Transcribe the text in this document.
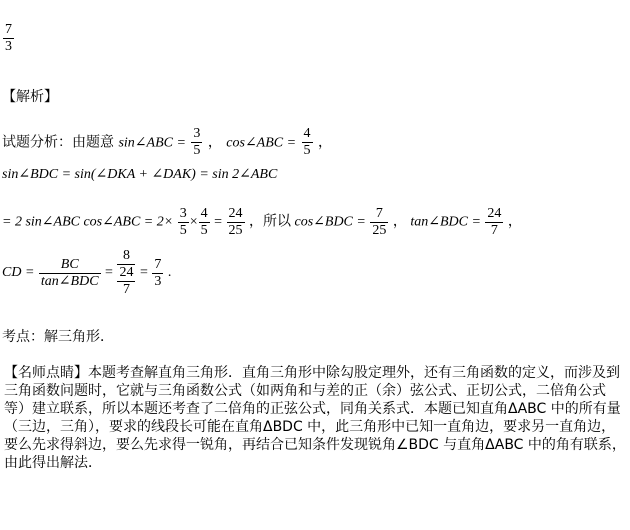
$\frac{7}{3}$
【解析】
试题分析：由题意 sin∠ABC = $\frac{3}{5}$ ， cos∠ABC = $\frac{4}{5}$ ，
sin∠BDC = sin(∠DKA + ∠DAK) = sin 2∠ABC
= 2 sin∠ABC cos∠ABC = $2\times \frac{3}{5} \times \frac{4}{5} = \frac{24}{25}$ ，所以 cos∠BDC = $\frac{7}{25}$ ， tan∠BDC = $\frac{24}{7}$ ，
CD = $\frac{BC}{\text{tan∠BDC}} = \frac{8}{\frac{24}{7}} = \frac{7}{3}$ .
考点：解三角形．
【名师点睛】本题考查解直角三角形．直角三角形中除勾股定理外，还有三角函数的定义，而涉及到三角函数问题时，它就与三角函数公式（如两角和与差的正（余）弦公式、正切公式，二倍角公式等）建立联系，所以本题还考查了二倍角的正弦公式，同角关系式．本题已知直角ΔABC 中的所有量（三边，三角），要求的线段长可能在直角ΔBDC 中，此三角形中已知一直角边，要求另一直角边，要么先求得斜边，要么先求得一锐角，再结合已知条件发现锐角∠BDC 与直角ΔABC 中的角有联系，由此得出解法．
